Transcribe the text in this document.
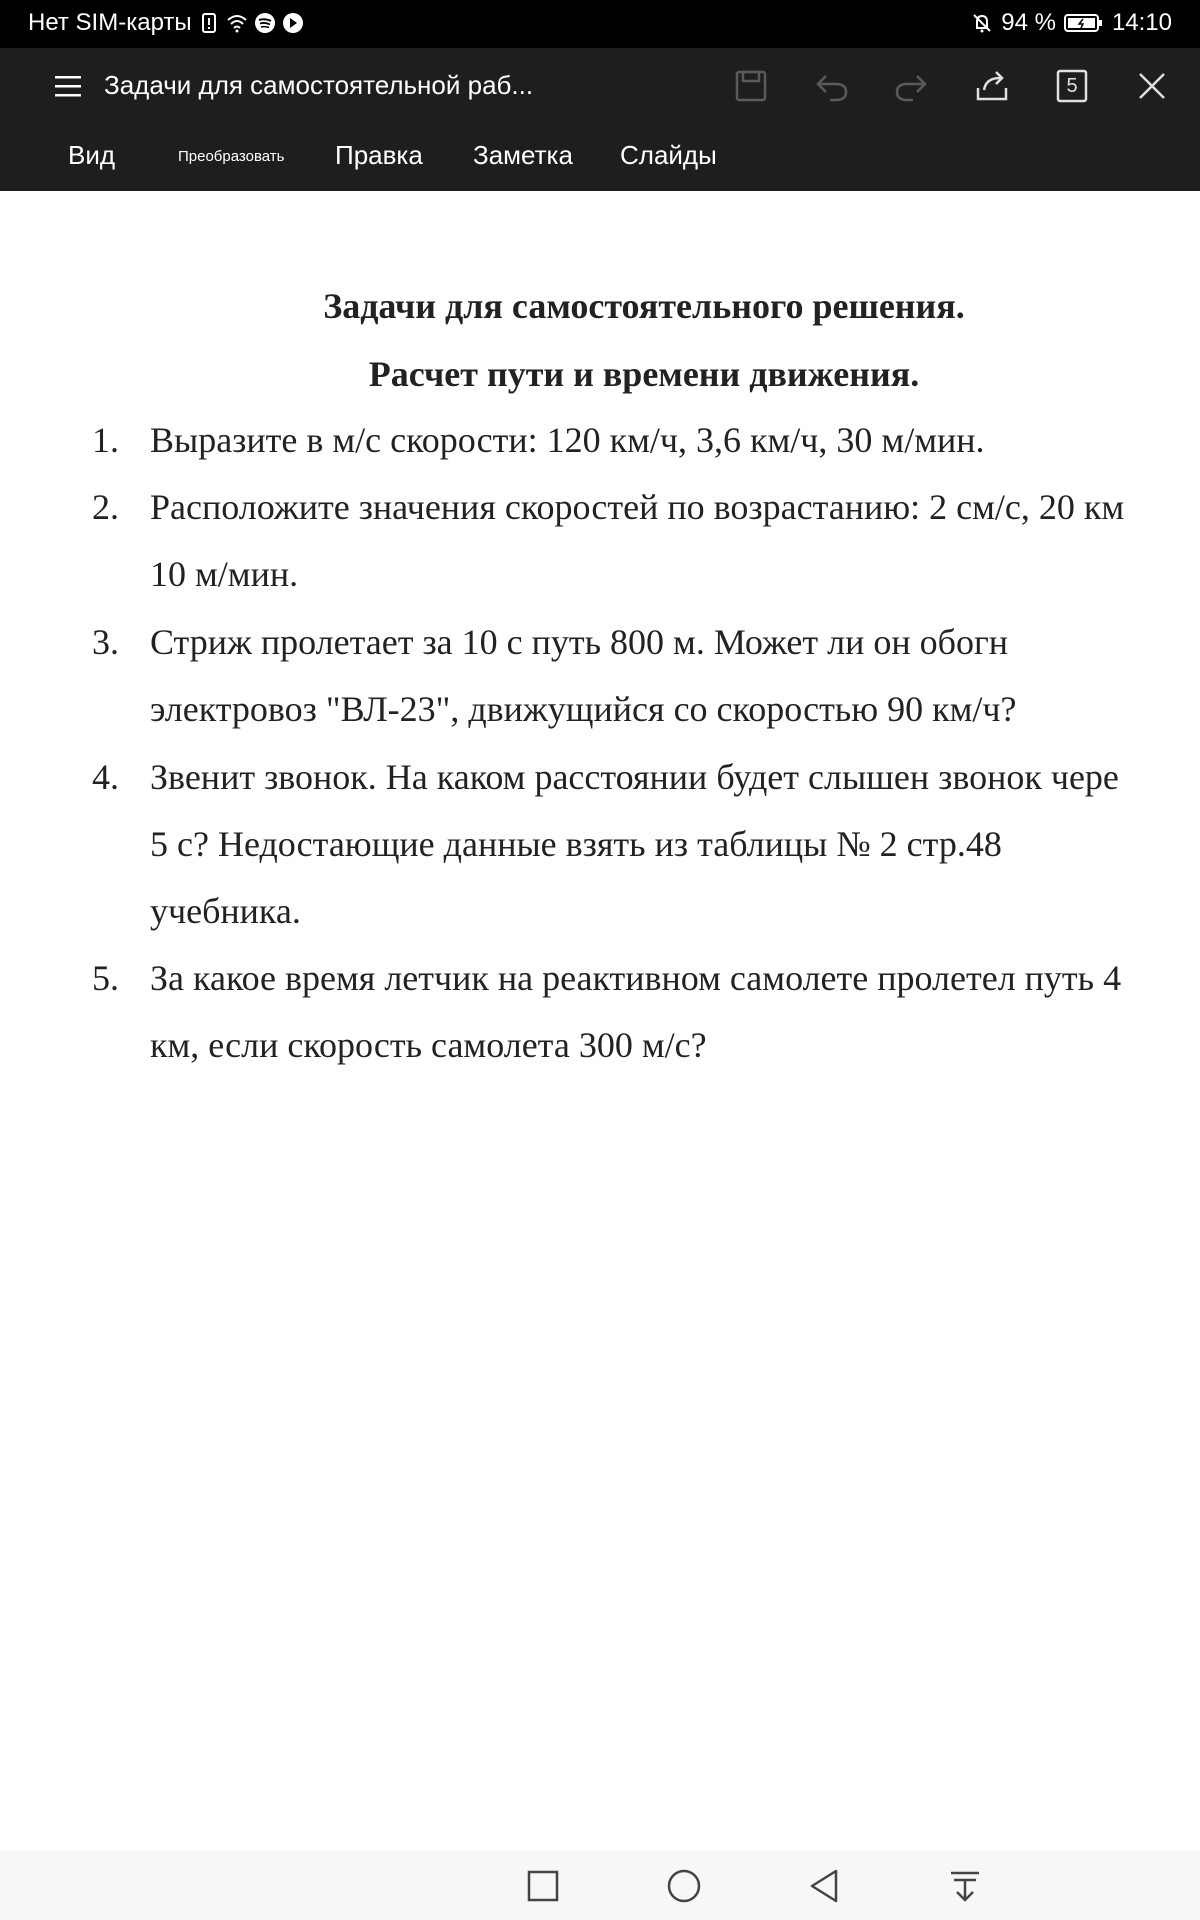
Нет SIM-карты	94 % 14:10
Задачи для самостоятельной раб...	5
Вид	Преобразовать Правка Заметка Слайды
Задачи для самостоятельного решения.
Расчет пути и времени движения.
1. Выразите в м/с скорости: 120 км/ч, 3,6 км/ч, 30 м/мин.
2. Расположите значения скоростей по возрастанию: 2 см/с, 20 км
10 м/мин.
3. Стриж пролетает за 10 с путь 800 м. Может ли он обогн
электровоз "ВЛ-23", движущийся со скоростью 90 км/ч?
4. Звенит звонок. На каком расстоянии будет слышен звонок чере
5 с? Недостающие данные взять из таблицы № 2 стр.48
учебника.
5. За какое время летчик на реактивном самолете пролетел путь 4
км, если скорость самолета 300 м/с?
